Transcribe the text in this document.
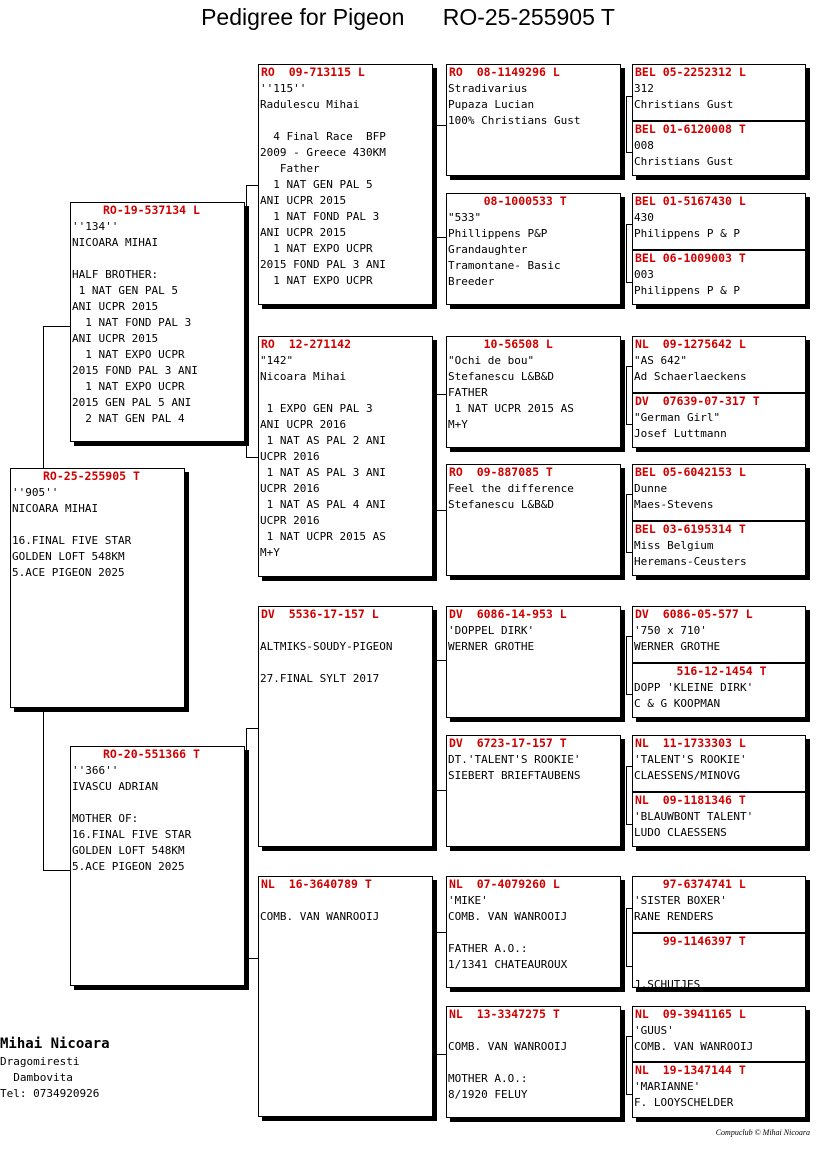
Pedigree for Pigeon      RO-25-255905 T
RO-25-255905 T
''905''
NICOARA MIHAI

16.FINAL FIVE STAR
GOLDEN LOFT 548KM
5.ACE PIGEON 2025
RO-19-537134 L
''134''
NICOARA MIHAI

HALF BROTHER:
1 NAT GEN PAL 5
ANI UCPR 2015
1 NAT FOND PAL 3
ANI UCPR 2015
1 NAT EXPO UCPR
2015 FOND PAL 3 ANI
1 NAT EXPO UCPR
2015 GEN PAL 5 ANI
2 NAT GEN PAL 4
RO-20-551366 T
''366''
IVASCU ADRIAN

MOTHER OF:
16.FINAL FIVE STAR
GOLDEN LOFT 548KM
5.ACE PIGEON 2025
RO  09-713115 L
''115''
Radulescu Mihai

4 Final Race  BFP
2009 - Greece 430KM
Father
1 NAT GEN PAL 5
ANI UCPR 2015
1 NAT FOND PAL 3
ANI UCPR 2015
1 NAT EXPO UCPR
2015 FOND PAL 3 ANI
1 NAT EXPO UCPR
RO  12-271142
"142"
Nicoara Mihai

1 EXPO GEN PAL 3
ANI UCPR 2016
1 NAT AS PAL 2 ANI
UCPR 2016
1 NAT AS PAL 3 ANI
UCPR 2016
1 NAT AS PAL 4 ANI
UCPR 2016
1 NAT UCPR 2015 AS
M+Y
DV  5536-17-157 L

ALTMIKS-SOUDY-PIGEON

27.FINAL SYLT 2017
NL  16-3640789 T

COMB. VAN WANROOIJ
RO  08-1149296 L
Stradivarius
Pupaza Lucian
100% Christians Gust
08-1000533 T
"533"
Phillippens P&P
Grandaughter
Tramontane- Basic
Breeder
10-56508 L
"Ochi de bou"
Stefanescu L&B&D
FATHER
1 NAT UCPR 2015 AS
M+Y
RO  09-887085 T
Feel the difference
Stefanescu L&B&D
DV  6086-14-953 L
'DOPPEL DIRK'
WERNER GROTHE
DV  6723-17-157 T
DT.'TALENT'S ROOKIE'
SIEBERT BRIEFTAUBENS
NL  07-4079260 L
'MIKE'
COMB. VAN WANROOIJ

FATHER A.O.:
1/1341 CHATEAUROUX
NL  13-3347275 T

COMB. VAN WANROOIJ

MOTHER A.O.:
8/1920 FELUY
BEL 05-2252312 L
312
Christians Gust
BEL 01-6120008 T
008
Christians Gust
BEL 01-5167430 L
430
Philippens P & P
BEL 06-1009003 T
003
Philippens P & P
NL  09-1275642 L
"AS 642"
Ad Schaerlaeckens
DV  07639-07-317 T
"German Girl"
Josef Luttmann
BEL 05-6042153 L
Dunne
Maes-Stevens
BEL 03-6195314 T
Miss Belgium
Heremans-Ceusters
DV  6086-05-577 L
'750 x 710'
WERNER GROTHE
516-12-1454 T
DOPP 'KLEINE DIRK'
C & G KOOPMAN
NL  11-1733303 L
'TALENT'S ROOKIE'
CLAESSENS/MINOVG
NL  09-1181346 T
'BLAUWBONT TALENT'
LUDO CLAESSENS
97-6374741 L
'SISTER BOXER'
RANE RENDERS
99-1146397 T

J.SCHUTJES
NL  09-3941165 L
'GUUS'
COMB. VAN WANROOIJ
NL  19-1347144 T
'MARIANNE'
F. LOOYSCHELDER
Mihai Nicoara
Dragomiresti
Dambovita
Tel: 0734920926
Compuclub © Mihai Nicoara
